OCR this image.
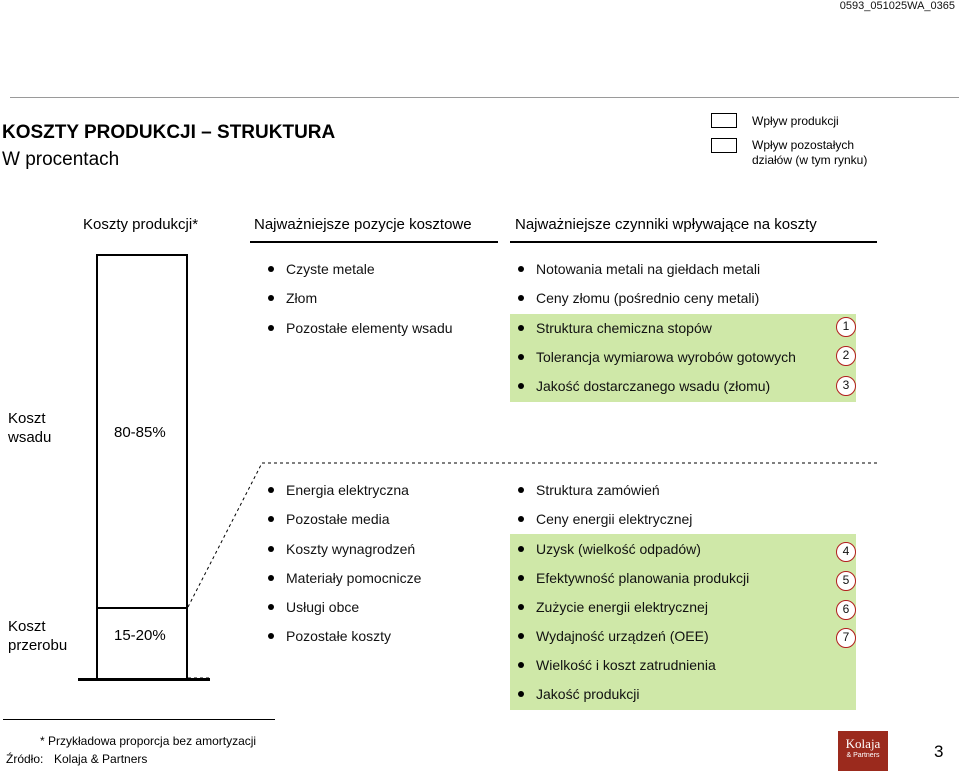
0593_051025WA_0365
KOSZTY PRODUKCJI – STRUKTURA
W procentach
Wpływ produkcji
Wpływ pozostałych
działów (w tym rynku)
Koszty produkcji*	Najważniejsze pozycje kosztowe	Najważniejsze czynniki wpływające na koszty
80-85%
15-20%
Koszt
wsadu
Koszt
przerobu
Czyste metale
Złom
Pozostałe elementy wsadu
Notowania metali na giełdach metali
Ceny złomu (pośrednio ceny metali)
Struktura chemiczna stopów
Tolerancja wymiarowa wyrobów gotowych
Jakość dostarczanego wsadu (złomu)
1
2
3
Energia elektryczna
Pozostałe media
Koszty wynagrodzeń
Materiały pomocnicze
Usługi obce
Pozostałe koszty
Struktura zamówień
Ceny energii elektrycznej
Uzysk (wielkość odpadów)
Efektywność planowania produkcji
Zużycie energii elektrycznej
Wydajność urządzeń (OEE)
Wielkość i koszt zatrudnienia
Jakość produkcji
4
5
6
7
* Przykładowa proporcja bez amortyzacji
Źródło: Kolaja & Partners
Kolaja
& Partners	3
